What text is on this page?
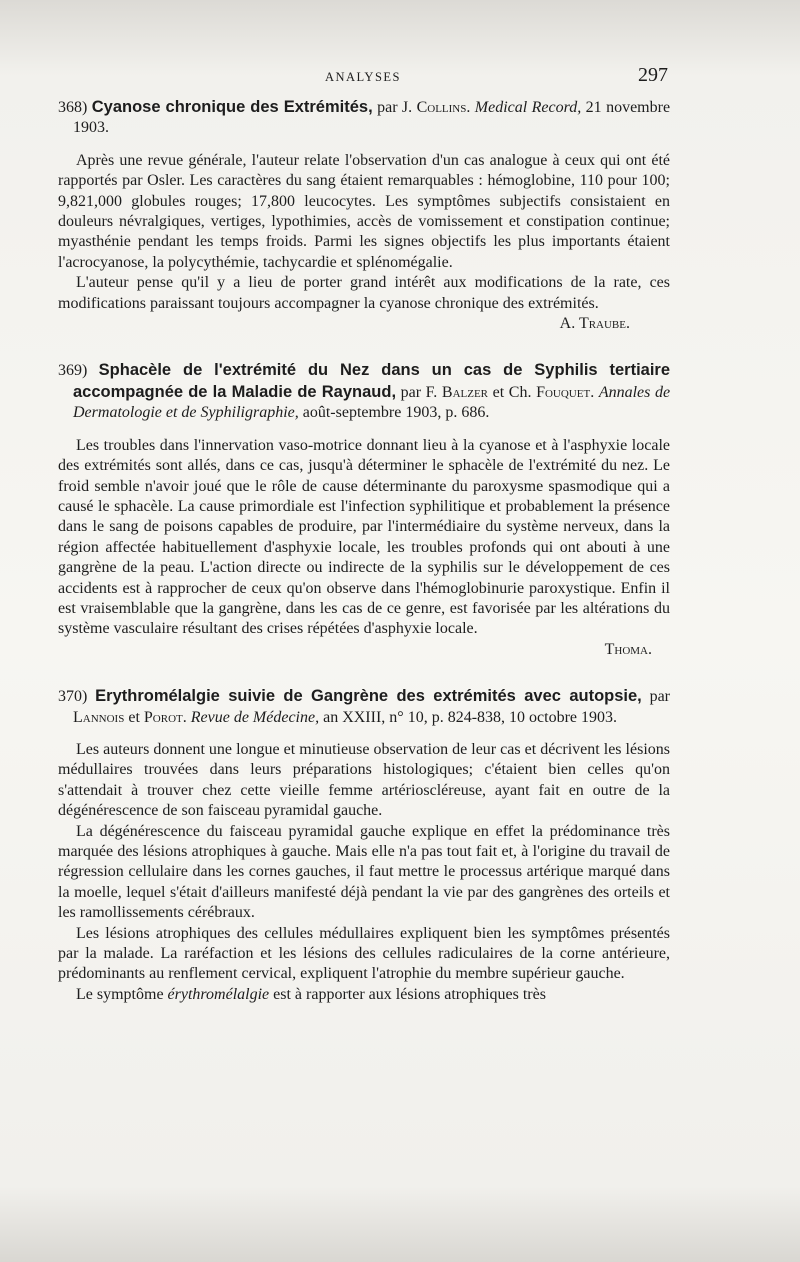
ANALYSES	297

368) Cyanose chronique des Extrémités, par J. Collins. Medical Record, 21 novembre 1903.

Après une revue générale, l'auteur relate l'observation d'un cas analogue à ceux qui ont été rapportés par Osler. Les caractères du sang étaient remarquables : hémoglobine, 110 pour 100; 9,821,000 globules rouges; 17,800 leucocytes. Les symptômes subjectifs consistaient en douleurs névralgiques, vertiges, lypothimies, accès de vomissement et constipation continue; myasthénie pendant les temps froids. Parmi les signes objectifs les plus importants étaient l'acrocyanose, la polycythémie, tachycardie et splénomégalie.

L'auteur pense qu'il y a lieu de porter grand intérêt aux modifications de la rate, ces modifications paraissant toujours accompagner la cyanose chronique des extrémités.

A. Traube.

369) Sphacèle de l'extrémité du Nez dans un cas de Syphilis tertiaire accompagnée de la Maladie de Raynaud, par F. Balzer et Ch. Fouquet. Annales de Dermatologie et de Syphiligraphie, août-septembre 1903, p. 686.

Les troubles dans l'innervation vaso-motrice donnant lieu à la cyanose et à l'asphyxie locale des extrémités sont allés, dans ce cas, jusqu'à déterminer le sphacèle de l'extrémité du nez. Le froid semble n'avoir joué que le rôle de cause déterminante du paroxysme spasmodique qui a causé le sphacèle. La cause primordiale est l'infection syphilitique et probablement la présence dans le sang de poisons capables de produire, par l'intermédiaire du système nerveux, dans la région affectée habituellement d'asphyxie locale, les troubles profonds qui ont abouti à une gangrène de la peau. L'action directe ou indirecte de la syphilis sur le développement de ces accidents est à rapprocher de ceux qu'on observe dans l'hémoglobinurie paroxystique. Enfin il est vraisemblable que la gangrène, dans les cas de ce genre, est favorisée par les altérations du système vasculaire résultant des crises répétées d'asphyxie locale.

Thoma.

370) Erythromélalgie suivie de Gangrène des extrémités avec autopsie, par Lannois et Porot. Revue de Médecine, an XXIII, n° 10, p. 824-838, 10 octobre 1903.

Les auteurs donnent une longue et minutieuse observation de leur cas et décrivent les lésions médullaires trouvées dans leurs préparations histologiques; c'étaient bien celles qu'on s'attendait à trouver chez cette vieille femme artérioscléreuse, ayant fait en outre de la dégénérescence de son faisceau pyramidal gauche.

La dégénérescence du faisceau pyramidal gauche explique en effet la prédominance très marquée des lésions atrophiques à gauche. Mais elle n'a pas tout fait et, à l'origine du travail de régression cellulaire dans les cornes gauches, il faut mettre le processus artérique marqué dans la moelle, lequel s'était d'ailleurs manifesté déjà pendant la vie par des gangrènes des orteils et les ramollissements cérébraux.

Les lésions atrophiques des cellules médullaires expliquent bien les symptômes présentés par la malade. La raréfaction et les lésions des cellules radiculaires de la corne antérieure, prédominants au renflement cervical, expliquent l'atrophie du membre supérieur gauche.

Le symptôme érythromélalgie est à rapporter aux lésions atrophiques très
